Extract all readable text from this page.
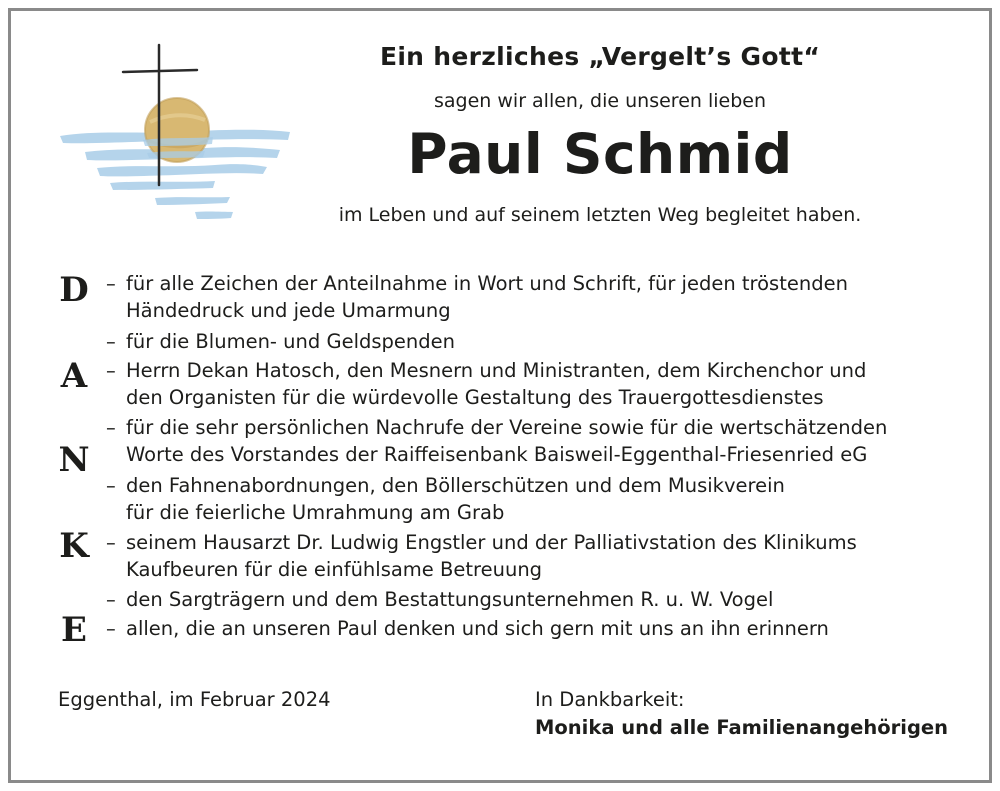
Ein herzliches „Vergelt’s Gott“
sagen wir allen, die unseren lieben
Paul Schmid
im Leben und auf seinem letzten Weg begleitet haben.
D
A
N
K
E
– für alle Zeichen der Anteilnahme in Wort und Schrift, für jeden tröstenden
Händedruck und jede Umarmung
– für die Blumen- und Geldspenden
– Herrn Dekan Hatosch, den Mesnern und Ministranten, dem Kirchenchor und
den Organisten für die würdevolle Gestaltung des Trauergottesdienstes
– für die sehr persönlichen Nachrufe der Vereine sowie für die wertschätzenden
Worte des Vorstandes der Raiffeisenbank Baisweil-Eggenthal-Friesenried eG
– den Fahnenabordnungen, den Böllerschützen und dem Musikverein
für die feierliche Umrahmung am Grab
– seinem Hausarzt Dr. Ludwig Engstler und der Palliativstation des Klinikums
Kaufbeuren für die einfühlsame Betreuung
– den Sargträgern und dem Bestattungsunternehmen R. u. W. Vogel
– allen, die an unseren Paul denken und sich gern mit uns an ihn erinnern
Eggenthal, im Februar 2024	In Dankbarkeit:
Monika und alle Familienangehörigen
